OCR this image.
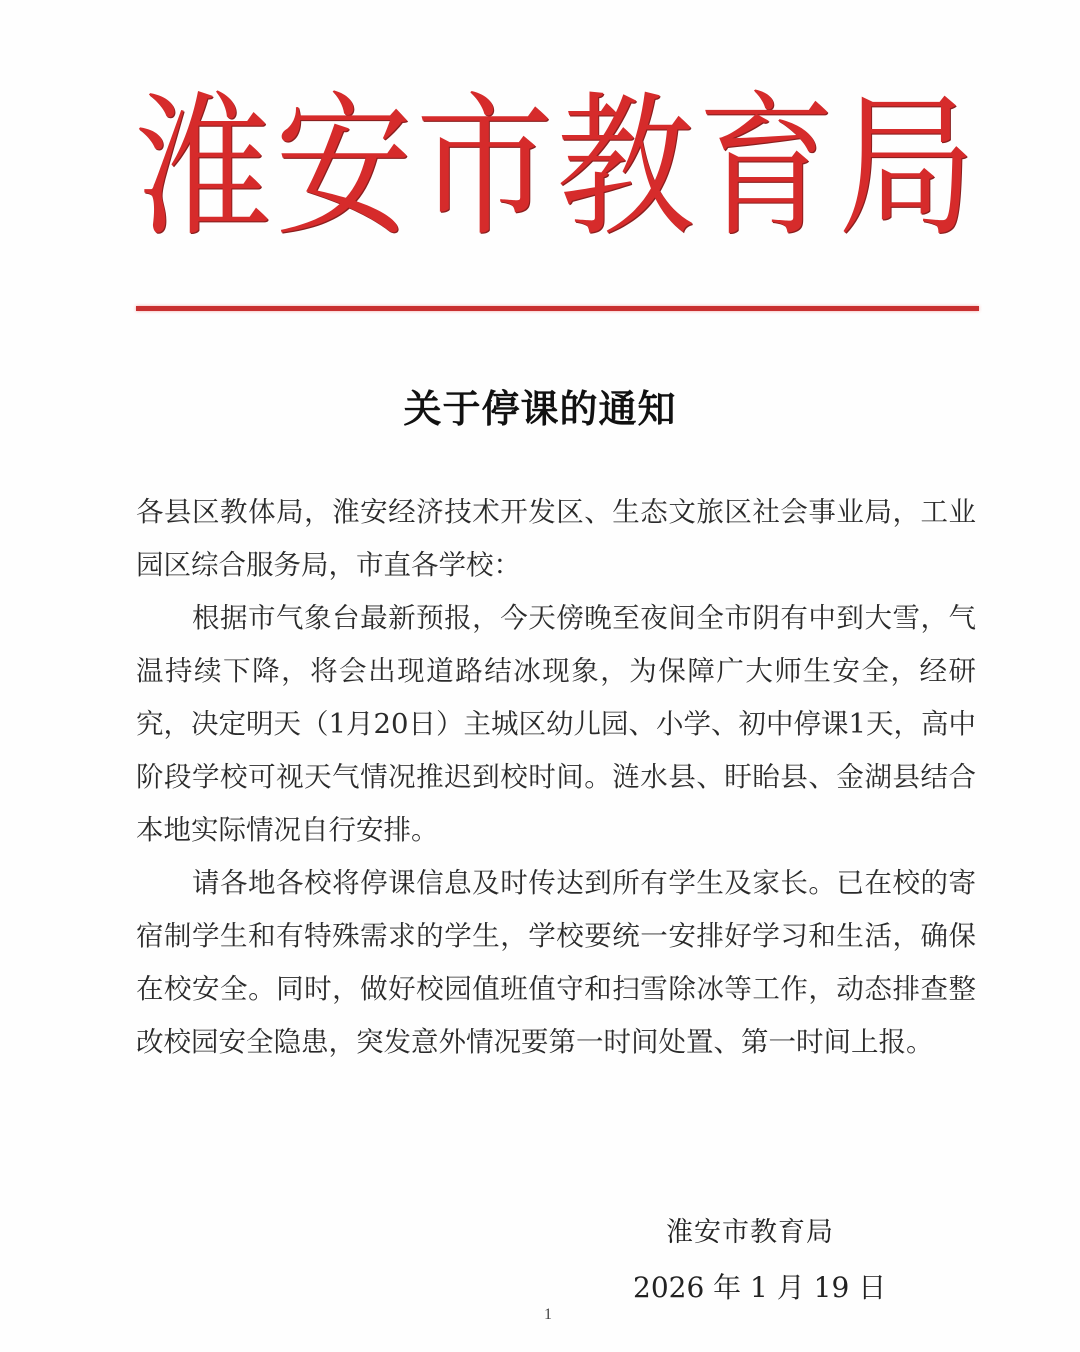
淮 安 市 教 育 局
关于停课的通知

各县区教体局，淮安经济技术开发区、生态文旅区社会事业局，工业园区综合服务局，市直各学校：

根据市气象台最新预报，今天傍晚至夜间全市阴有中到大雪，气温持续下降，将会出现道路结冰现象，为保障广大师生安全，经研究，决定明天（1月20日）主城区幼儿园、小学、初中停课1天，高中阶段学校可视天气情况推迟到校时间。涟水县、盱眙县、金湖县结合本地实际情况自行安排。

请各地各校将停课信息及时传达到所有学生及家长。已在校的寄宿制学生和有特殊需求的学生，学校要统一安排好学习和生活，确保在校安全。同时，做好校园值班值守和扫雪除冰等工作，动态排查整改校园安全隐患，突发意外情况要第一时间处置、第一时间上报。

淮安市教育局
2026 年 1 月 19 日
1
